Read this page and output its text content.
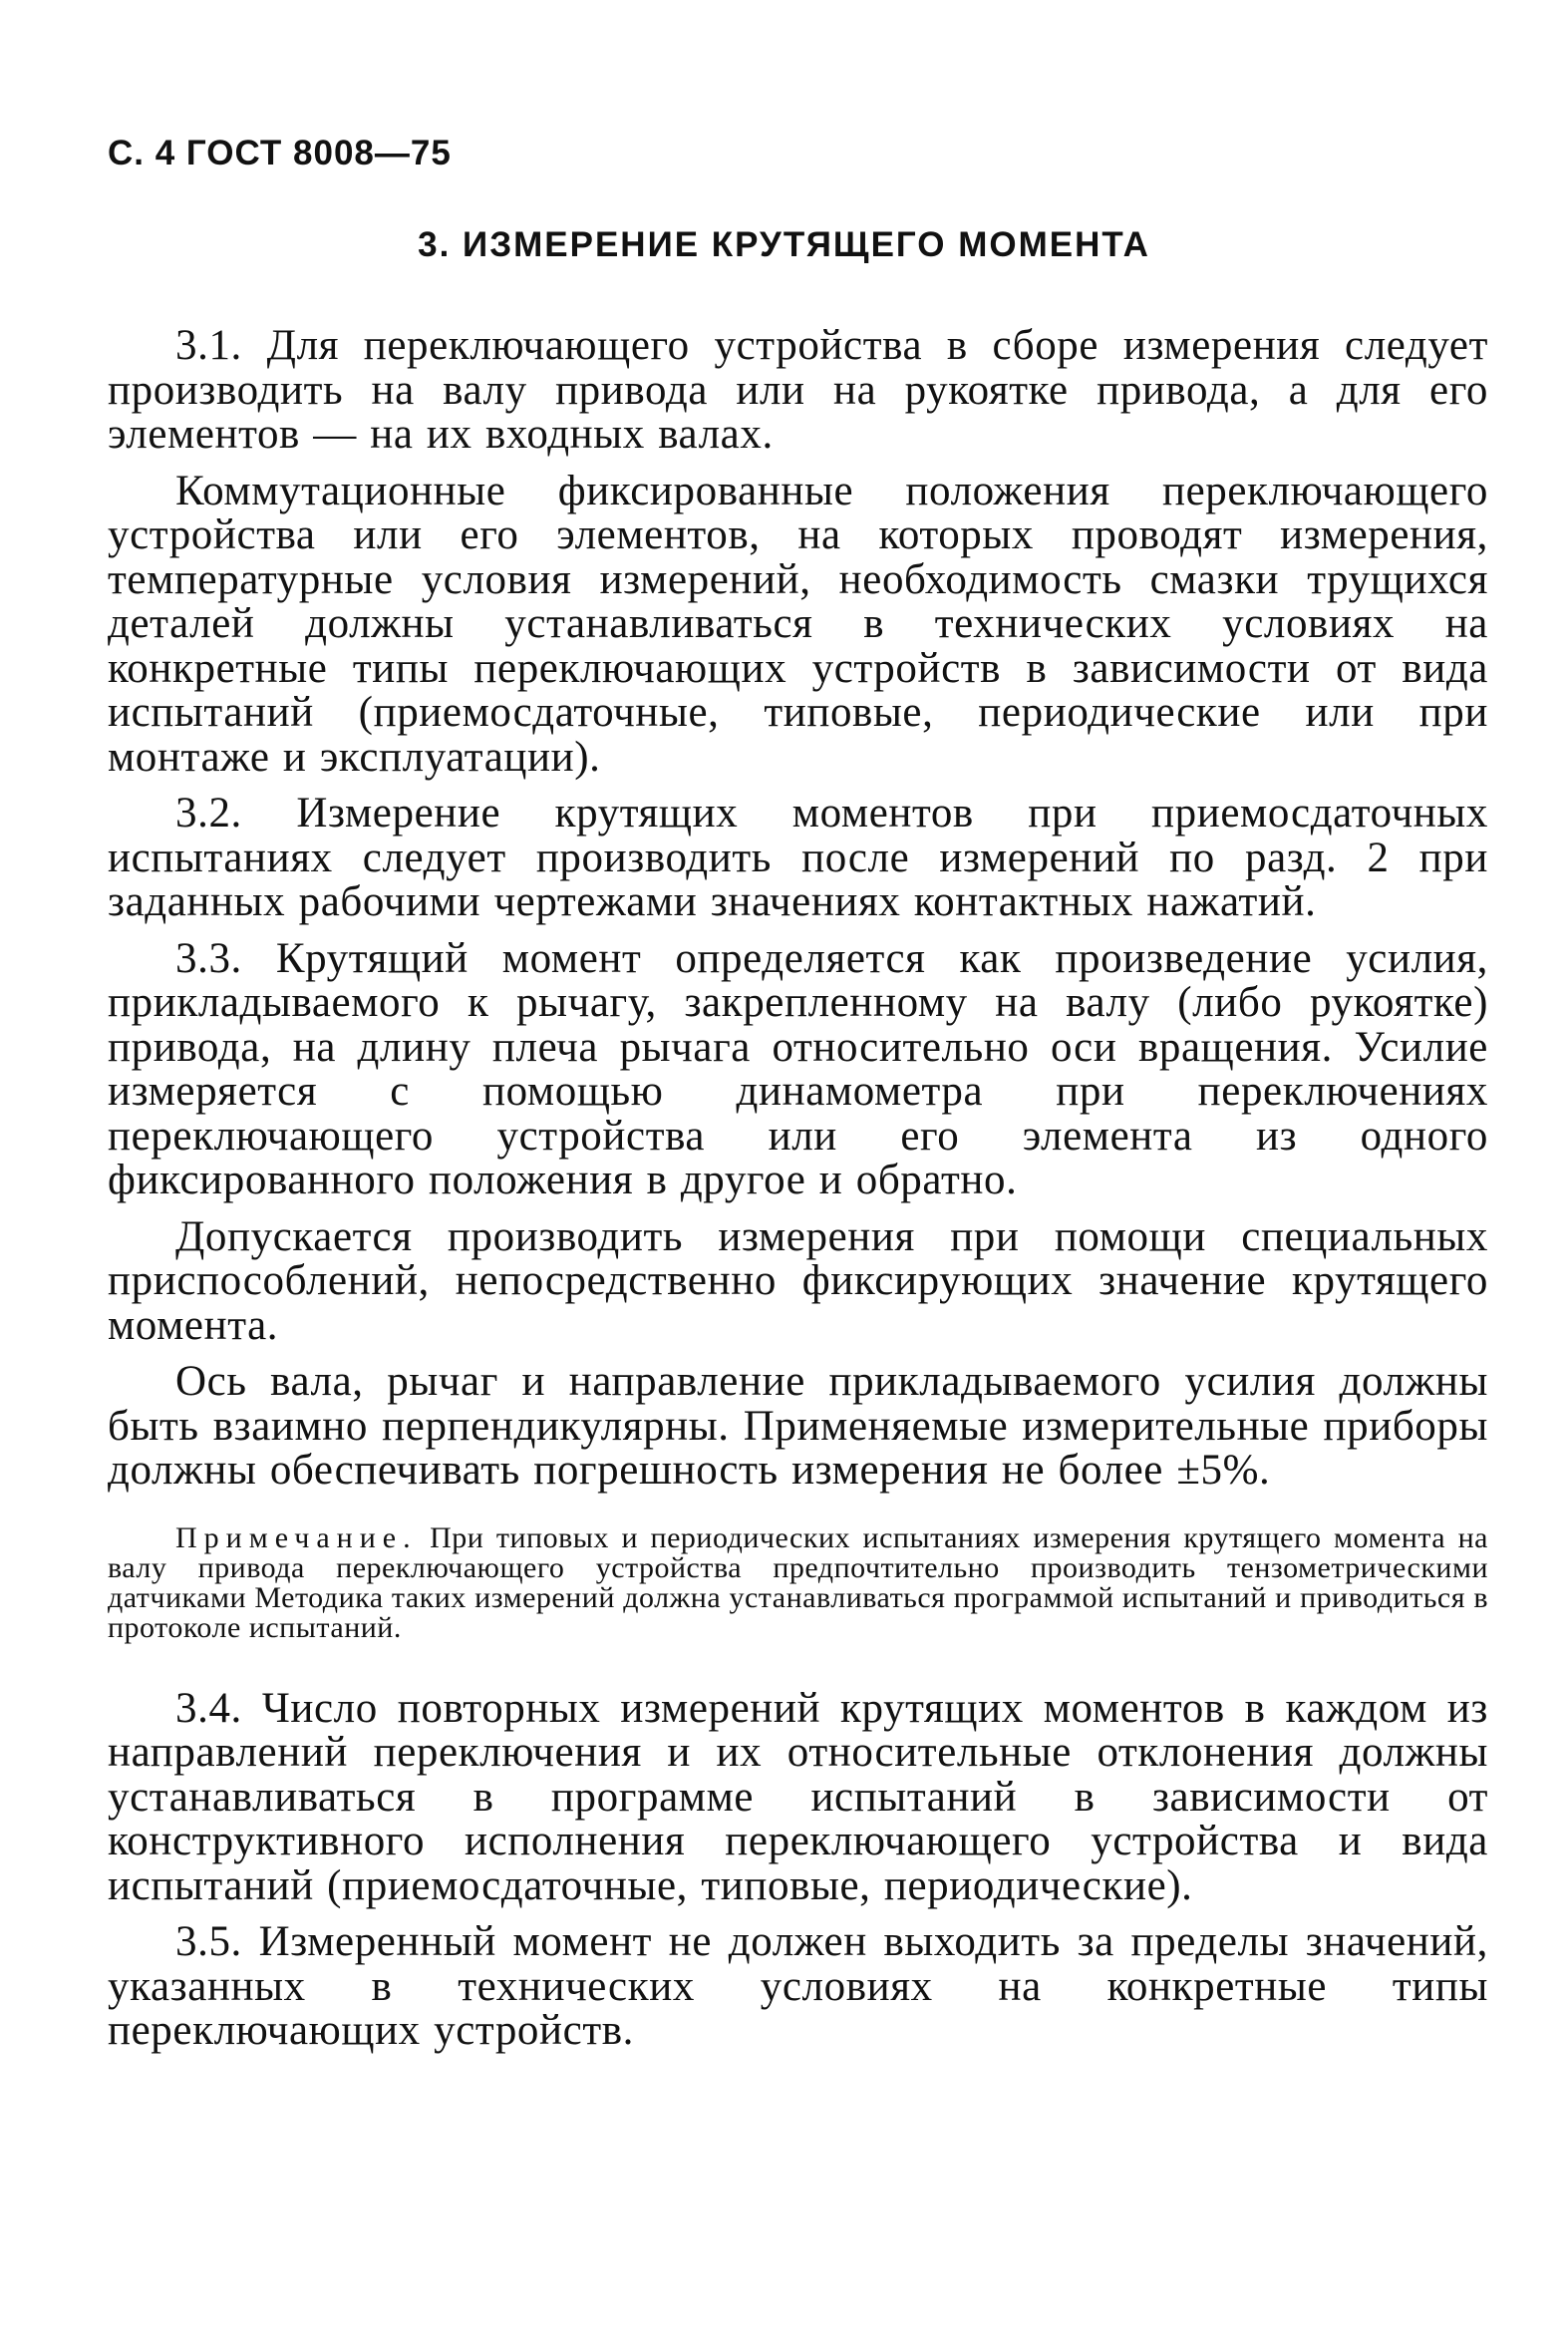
С. 4 ГОСТ 8008—75
3. ИЗМЕРЕНИЕ КРУТЯЩЕГО МОМЕНТА

3.1. Для переключающего устройства в сборе измерения следует производить на валу привода или на рукоятке привода, а для его элементов — на их входных валах.

Коммутационные фиксированные положения переключающего устройства или его элементов, на которых проводят измерения, температурные условия измерений, необходимость смазки трущихся деталей должны устанавливаться в технических условиях на конкретные типы переключающих устройств в зависимости от вида испытаний (приемосдаточные, типовые, периодические или при монтаже и эксплуатации).

3.2. Измерение крутящих моментов при приемосдаточных испытаниях следует производить после измерений по разд. 2 при заданных рабочими чертежами значениях контактных нажатий.

3.3. Крутящий момент определяется как произведение усилия, прикладываемого к рычагу, закрепленному на валу (либо рукоятке) привода, на длину плеча рычага относительно оси вращения. Усилие измеряется с помощью динамометра при переключениях переключающего устройства или его элемента из одного фиксированного положения в другое и обратно.

Допускается производить измерения при помощи специальных приспособлений, непосредственно фиксирующих значение крутящего момента.

Ось вала, рычаг и направление прикладываемого усилия должны быть взаимно перпендикулярны. Применяемые измерительные приборы должны обеспечивать погрешность измерения не более ±5%.

Примечание. При типовых и периодических испытаниях измерения крутящего момента на валу привода переключающего устройства предпочтительно производить тензометрическими датчиками Методика таких измерений должна устанавливаться программой испытаний и приводиться в протоколе испытаний.

3.4. Число повторных измерений крутящих моментов в каждом из направлений переключения и их относительные отклонения должны устанавливаться в программе испытаний в зависимости от конструктивного исполнения переключающего устройства и вида испытаний (приемосдаточные, типовые, периодические).

3.5. Измеренный момент не должен выходить за пределы значений, указанных в технических условиях на конкретные типы переключающих устройств.
